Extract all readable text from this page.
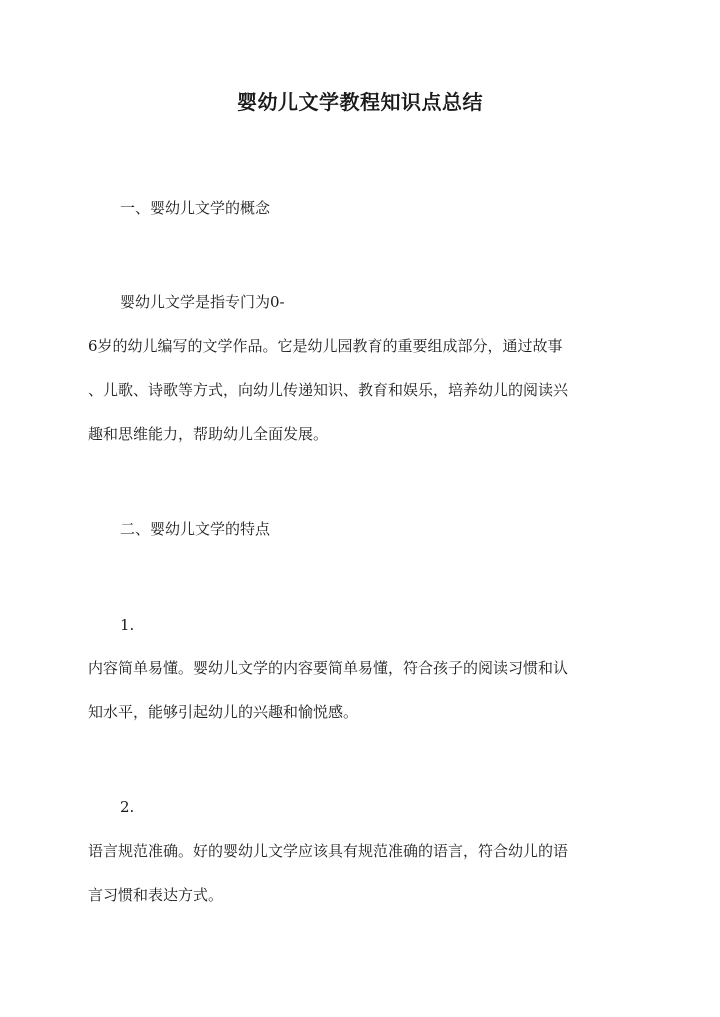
婴幼儿文学教程知识点总结
一、婴幼儿文学的概念
婴幼儿文学是指专门为0-
6岁的幼儿编写的文学作品。它是幼儿园教育的重要组成部分，通过故事
、儿歌、诗歌等方式，向幼儿传递知识、教育和娱乐，培养幼儿的阅读兴
趣和思维能力，帮助幼儿全面发展。
二、婴幼儿文学的特点
1.
内容简单易懂。婴幼儿文学的内容要简单易懂，符合孩子的阅读习惯和认
知水平，能够引起幼儿的兴趣和愉悦感。
2.
语言规范准确。好的婴幼儿文学应该具有规范准确的语言，符合幼儿的语
言习惯和表达方式。
